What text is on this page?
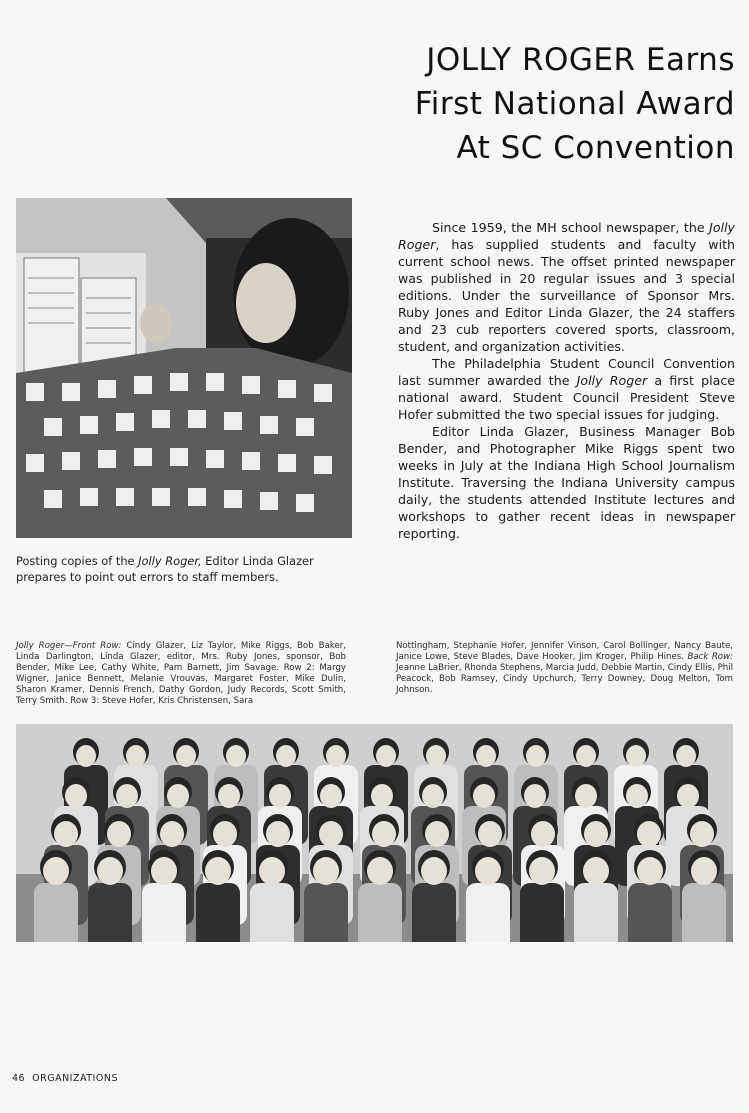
JOLLY ROGER Earns
First National Award
At SC Convention
Posting copies of the Jolly Roger, Editor Linda Glazer prepares to point out errors to staff members.

Since 1959, the MH school newspaper, the Jolly Roger, has supplied students and faculty with current school news. The offset printed newspaper was published in 20 regular issues and 3 special editions. Under the surveillance of Sponsor Mrs. Ruby Jones and Editor Linda Glazer, the 24 staffers and 23 cub reporters covered sports, classroom, student, and organization activities.

The Philadelphia Student Council Convention last summer awarded the Jolly Roger a first place national award. Student Council President Steve Hofer submitted the two special issues for judging.

Editor Linda Glazer, Business Manager Bob Bender, and Photographer Mike Riggs spent two weeks in July at the Indiana High School Journalism Institute. Traversing the Indiana University campus daily, the students attended Institute lectures and workshops to gather recent ideas in newspaper reporting.

Jolly Roger—Front Row: Cindy Glazer, Liz Taylor, Mike Riggs, Bob Baker, Linda Darlington, Linda Glazer, editor, Mrs. Ruby Jones, sponsor, Bob Bender, Mike Lee, Cathy White, Pam Barnett, Jim Savage. Row 2: Margy Wigner, Janice Bennett, Melanie Vrouvas, Margaret Foster, Mike Dulin, Sharon Kramer, Dennis French, Dathy Gordon, Judy Records, Scott Smith, Terry Smith. Row 3: Steve Hofer, Kris Christensen, Sara
Nottingham, Stephanie Hofer, Jennifer Vinson, Carol Bollinger, Nancy Baute, Janice Lowe, Steve Blades, Dave Hooker, Jim Kroger, Philip Hines. Back Row: Jeanne LaBrier, Rhonda Stephens, Marcia Judd, Debbie Martin, Cindy Ellis, Phil Peacock, Bob Ramsey, Cindy Upchurch, Terry Downey, Doug Melton, Tom Johnson.
46 ORGANIZATIONS
